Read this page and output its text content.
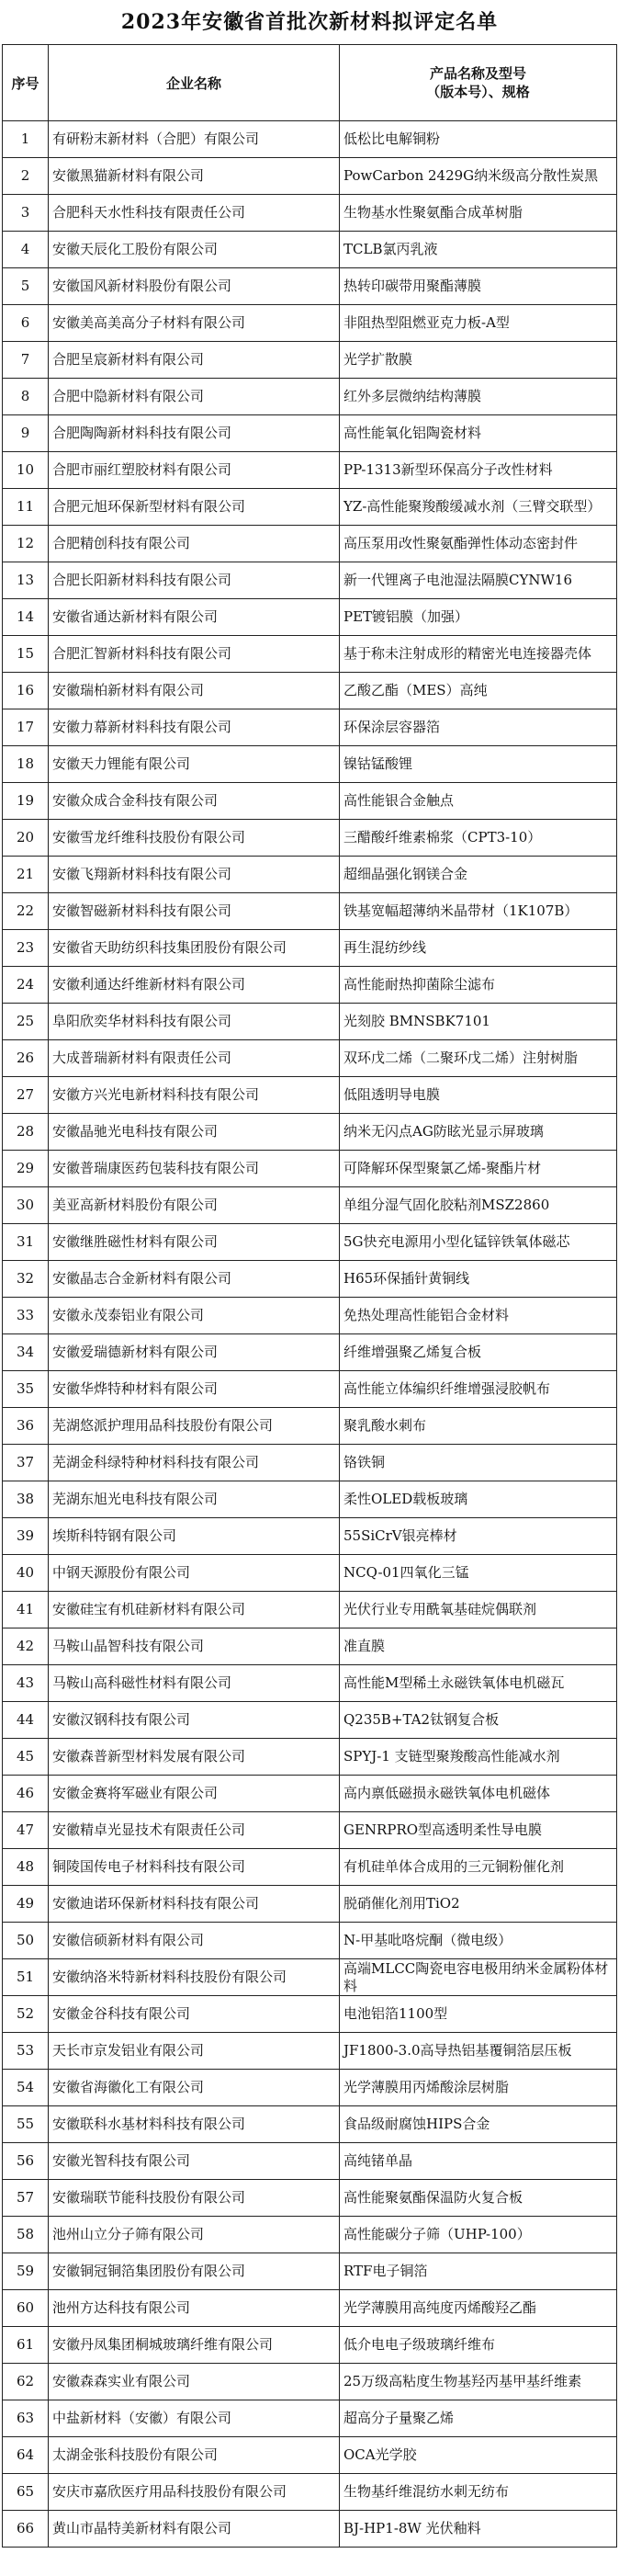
2023年安徽省首批次新材料拟评定名单
序号	企业名称	产品名称及型号
（版本号）、规格

1	有研粉末新材料（合肥）有限公司	低松比电解铜粉
2	安徽黑猫新材料有限公司	PowCarbon 2429G纳米级高分散性炭黑
3	合肥科天水性科技有限责任公司	生物基水性聚氨酯合成革树脂
4	安徽天辰化工股份有限公司	TCLB氯丙乳液
5	安徽国风新材料股份有限公司	热转印碳带用聚酯薄膜
6	安徽美高美高分子材料有限公司	非阻热型阻燃亚克力板-A型
7	合肥呈宸新材料有限公司	光学扩散膜
8	合肥中隐新材料有限公司	红外多层微纳结构薄膜
9	合肥陶陶新材料科技有限公司	高性能氧化铝陶瓷材料
10	合肥市丽红塑胶材料有限公司	PP-1313新型环保高分子改性材料
11	合肥元旭环保新型材料有限公司	YZ-高性能聚羧酸缓减水剂（三臂交联型）
12	合肥精创科技有限公司	高压泵用改性聚氨酯弹性体动态密封件
13	合肥长阳新材料科技有限公司	新一代锂离子电池湿法隔膜CYNW16
14	安徽省通达新材料有限公司	PET镀铝膜（加强）
15	合肥汇智新材料科技有限公司	基于称未注射成形的精密光电连接器壳体
16	安徽瑞柏新材料有限公司	乙酸乙酯（MES）高纯
17	安徽力幕新材料科技有限公司	环保涂层容器箔
18	安徽天力锂能有限公司	镍钴锰酸锂
19	安徽众成合金科技有限公司	高性能银合金触点
20	安徽雪龙纤维科技股份有限公司	三醋酸纤维素棉浆（CPT3-10）
21	安徽飞翔新材料科技有限公司	超细晶强化钢镁合金
22	安徽智磁新材料科技有限公司	铁基宽幅超薄纳米晶带材（1K107B）
23	安徽省天助纺织科技集团股份有限公司	再生混纺纱线
24	安徽利通达纤维新材料有限公司	高性能耐热抑菌除尘滤布
25	阜阳欣奕华材料科技有限公司	光刻胶 BMNSBK7101
26	大成普瑞新材料有限责任公司	双环戊二烯（二聚环戊二烯）注射树脂
27	安徽方兴光电新材料科技有限公司	低阻透明导电膜
28	安徽晶驰光电科技有限公司	纳米无闪点AG防眩光显示屏玻璃
29	安徽普瑞康医药包装科技有限公司	可降解环保型聚氯乙烯-聚酯片材
30	美亚高新材料股份有限公司	单组分湿气固化胶粘剂MSZ2860
31	安徽继胜磁性材料有限公司	5G快充电源用小型化锰锌铁氧体磁芯
32	安徽晶志合金新材料有限公司	H65环保插针黄铜线
33	安徽永茂泰铝业有限公司	免热处理高性能铝合金材料
34	安徽爱瑞德新材料有限公司	纤维增强聚乙烯复合板
35	安徽华烨特种材料有限公司	高性能立体编织纤维增强浸胶帆布
36	芜湖悠派护理用品科技股份有限公司	聚乳酸水刺布
37	芜湖金科绿特种材料科技有限公司	铬铁铜
38	芜湖东旭光电科技有限公司	柔性OLED载板玻璃
39	埃斯科特钢有限公司	55SiCrV银亮棒材
40	中钢天源股份有限公司	NCQ-01四氧化三锰
41	安徽硅宝有机硅新材料有限公司	光伏行业专用酰氧基硅烷偶联剂
42	马鞍山晶智科技有限公司	准直膜
43	马鞍山高科磁性材料有限公司	高性能M型稀土永磁铁氧体电机磁瓦
44	安徽汉钢科技有限公司	Q235B+TA2钛钢复合板
45	安徽森普新型材料发展有限公司	SPYJ-1 支链型聚羧酸高性能减水剂
46	安徽金赛将军磁业有限公司	高内禀低磁损永磁铁氧体电机磁体
47	安徽精卓光显技术有限责任公司	GENRPRO型高透明柔性导电膜
48	铜陵国传电子材料科技有限公司	有机硅单体合成用的三元铜粉催化剂
49	安徽迪诺环保新材料科技有限公司	脱硝催化剂用TiO2
50	安徽信硕新材料有限公司	N-甲基吡咯烷酮（微电级）
51	安徽纳洛米特新材料科技股份有限公司	高端MLCC陶瓷电容电极用纳米金属粉体材料
52	安徽金谷科技有限公司	电池铝箔1100型
53	天长市京发铝业有限公司	JF1800-3.0高导热铝基覆铜箔层压板
54	安徽省海徽化工有限公司	光学薄膜用丙烯酸涂层树脂
55	安徽联科水基材料科技有限公司	食品级耐腐蚀HIPS合金
56	安徽光智科技有限公司	高纯锗单晶
57	安徽瑞联节能科技股份有限公司	高性能聚氨酯保温防火复合板
58	池州山立分子筛有限公司	高性能碳分子筛（UHP-100）
59	安徽铜冠铜箔集团股份有限公司	RTF电子铜箔
60	池州方达科技有限公司	光学薄膜用高纯度丙烯酸羟乙酯
61	安徽丹凤集团桐城玻璃纤维有限公司	低介电电子级玻璃纤维布
62	安徽森森实业有限公司	25万级高粘度生物基羟丙基甲基纤维素
63	中盐新材料（安徽）有限公司	超高分子量聚乙烯
64	太湖金张科技股份有限公司	OCA光学胶
65	安庆市嘉欣医疗用品科技股份有限公司	生物基纤维混纺水刺无纺布
66	黄山市晶特美新材料有限公司	BJ-HP1-8W 光伏釉料
